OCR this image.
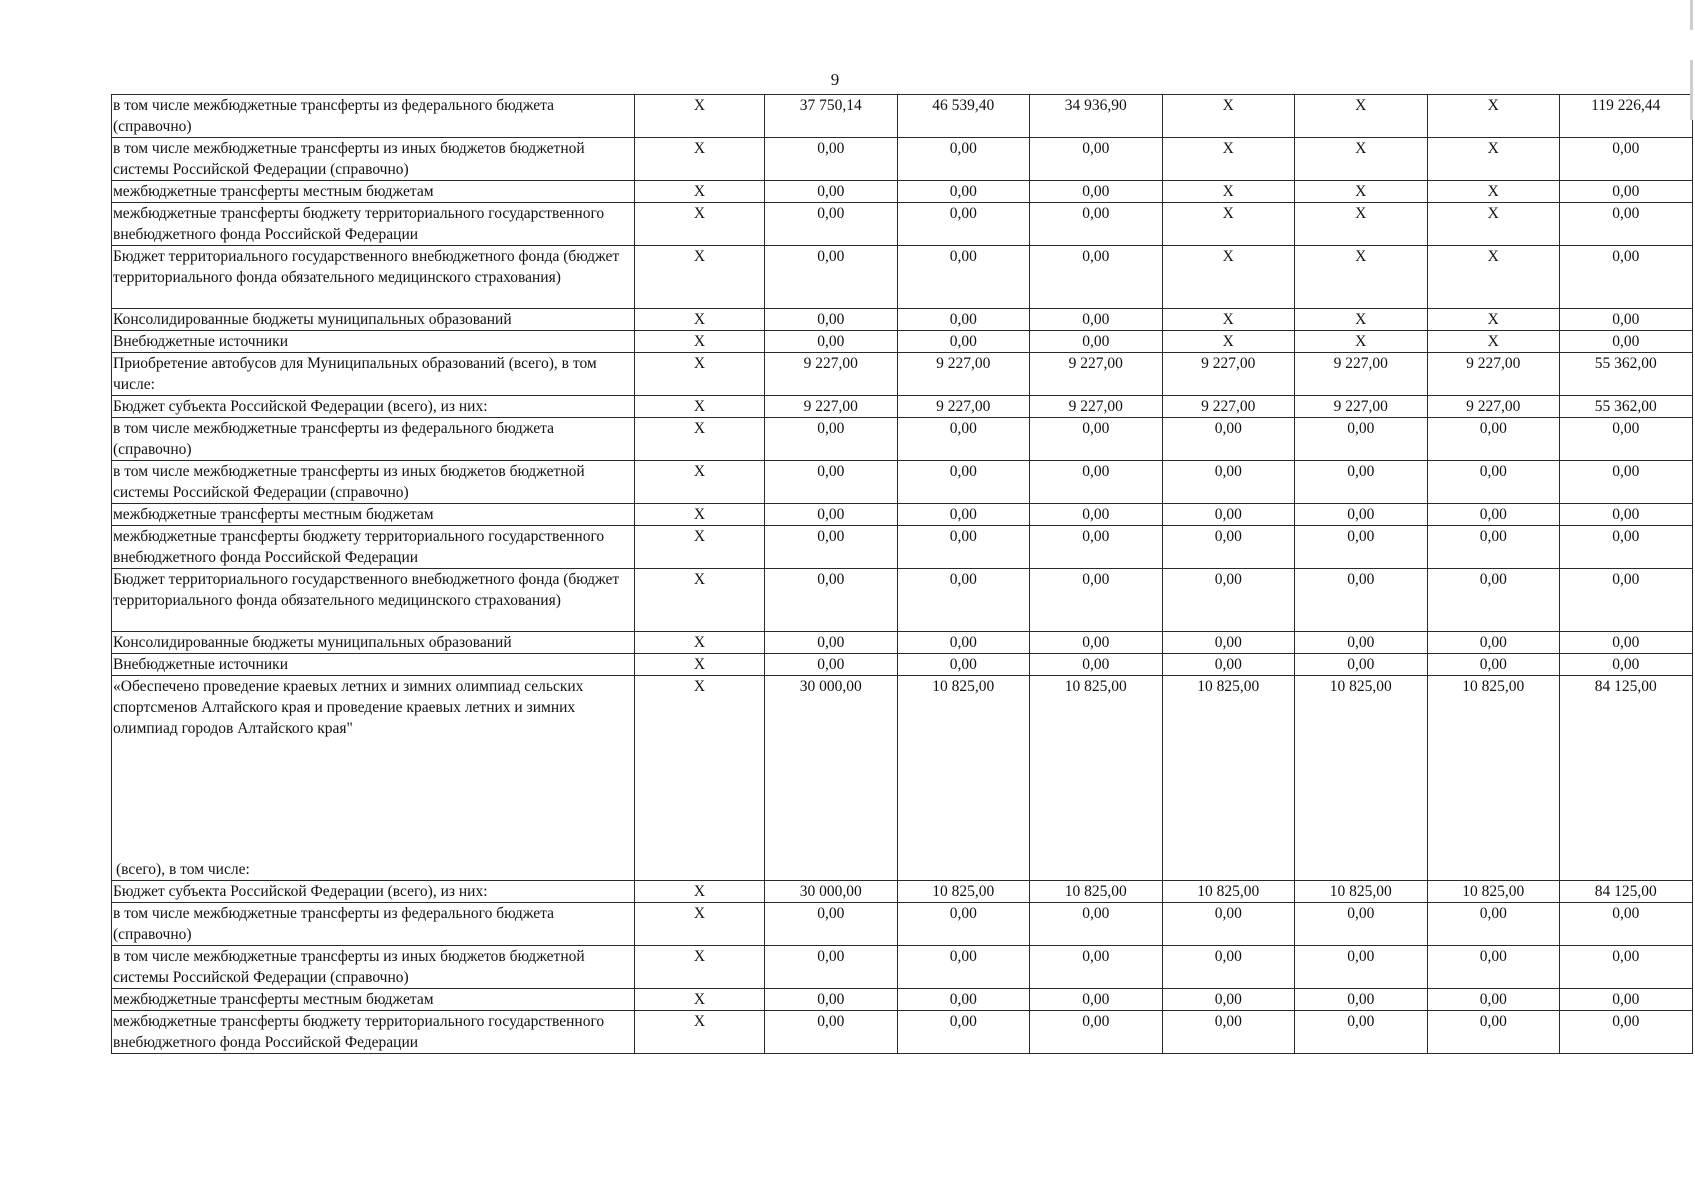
9
в том числе межбюджетные трансферты из федерального бюджета (справочно)	X	37 750,14	46 539,40	34 936,90	X	X	X	119 226,44
в том числе межбюджетные трансферты из иных бюджетов бюджетной системы Российской Федерации (справочно)	X	0,00	0,00	0,00	X	X	X	0,00
межбюджетные трансферты местным бюджетам	X	0,00	0,00	0,00	X	X	X	0,00
межбюджетные трансферты бюджету территориального государственного внебюджетного фонда Российской Федерации	X	0,00	0,00	0,00	X	X	X	0,00
Бюджет территориального государственного внебюджетного фонда (бюджет территориального фонда обязательного медицинского страхования)	X	0,00	0,00	0,00	X	X	X	0,00
Консолидированные бюджеты муниципальных образований	X	0,00	0,00	0,00	X	X	X	0,00
Внебюджетные источники	X	0,00	0,00	0,00	X	X	X	0,00
Приобретение автобусов для Муниципальных образований (всего), в том числе:	X	9 227,00	9 227,00	9 227,00	9 227,00	9 227,00	9 227,00	55 362,00
Бюджет субъекта Российской Федерации (всего), из них:	X	9 227,00	9 227,00	9 227,00	9 227,00	9 227,00	9 227,00	55 362,00
в том числе межбюджетные трансферты из федерального бюджета (справочно)	X	0,00	0,00	0,00	0,00	0,00	0,00	0,00
в том числе межбюджетные трансферты из иных бюджетов бюджетной системы Российской Федерации (справочно)	X	0,00	0,00	0,00	0,00	0,00	0,00	0,00
межбюджетные трансферты местным бюджетам	X	0,00	0,00	0,00	0,00	0,00	0,00	0,00
межбюджетные трансферты бюджету территориального государственного внебюджетного фонда Российской Федерации	X	0,00	0,00	0,00	0,00	0,00	0,00	0,00
Бюджет территориального государственного внебюджетного фонда (бюджет территориального фонда обязательного медицинского страхования)	X	0,00	0,00	0,00	0,00	0,00	0,00	0,00
Консолидированные бюджеты муниципальных образований	X	0,00	0,00	0,00	0,00	0,00	0,00	0,00
Внебюджетные источники	X	0,00	0,00	0,00	0,00	0,00	0,00	0,00

«Обеспечено проведение краевых летних и зимних олимпиад сельских спортсменов Алтайского края и проведение краевых летних и зимних олимпиад городов Алтайского края"
(всего), в том числе:	X	30 000,00	10 825,00	10 825,00	10 825,00	10 825,00	10 825,00	84 125,00
Бюджет субъекта Российской Федерации (всего), из них:	X	30 000,00	10 825,00	10 825,00	10 825,00	10 825,00	10 825,00	84 125,00
в том числе межбюджетные трансферты из федерального бюджета (справочно)	X	0,00	0,00	0,00	0,00	0,00	0,00	0,00
в том числе межбюджетные трансферты из иных бюджетов бюджетной системы Российской Федерации (справочно)	X	0,00	0,00	0,00	0,00	0,00	0,00	0,00
межбюджетные трансферты местным бюджетам	X	0,00	0,00	0,00	0,00	0,00	0,00	0,00
межбюджетные трансферты бюджету территориального государственного внебюджетного фонда Российской Федерации	X	0,00	0,00	0,00	0,00	0,00	0,00	0,00
